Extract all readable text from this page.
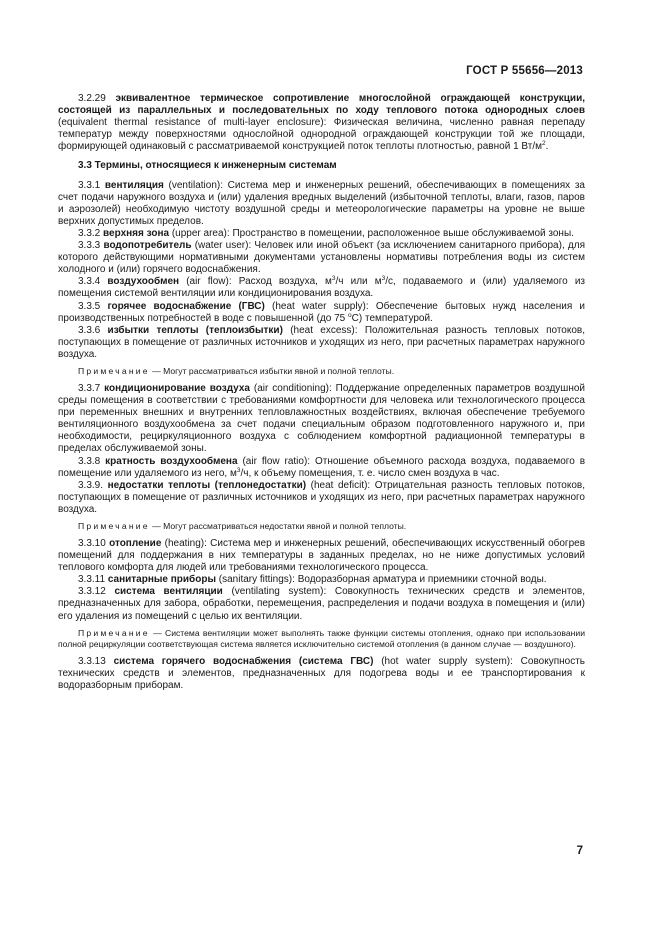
ГОСТ Р 55656—2013

3.2.29 эквивалентное термическое сопротивление многослойной ограждающей конструкции, состоящей из параллельных и последовательных по ходу теплового потока однородных слоев (equivalent thermal resistance of multi-layer enclosure): Физическая величина, численно равная перепаду температур между поверхностями однослойной однородной ограждающей конструкции той же площади, формирующей одинаковый с рассматриваемой конструкцией поток теплоты плотностью, равной 1 $Вт/м^2$.

3.3 Термины, относящиеся к инженерным системам

3.3.1 вентиляция (ventilation): Система мер и инженерных решений, обеспечивающих в помещениях за счет подачи наружного воздуха и (или) удаления вредных выделений (избыточной теплоты, влаги, газов, паров и аэрозолей) необходимую чистоту воздушной среды и метеорологические параметры на уровне не выше верхних допустимых пределов.

3.3.2 верхняя зона (upper area): Пространство в помещении, расположенное выше обслуживаемой зоны.

3.3.3 водопотребитель (water user): Человек или иной объект (за исключением санитарного прибора), для которого действующими нормативными документами установлены нормативы потребления воды из систем холодного и (или) горячего водоснабжения.

3.3.4 воздухообмен (air flow): Расход воздуха, $м^3/ч$ или $м^3/с$, подаваемого и (или) удаляемого из помещения системой вентиляции или кондиционирования воздуха.

3.3.5 горячее водоснабжение (ГВС) (heat water supply): Обеспечение бытовых нужд населения и производственных потребностей в воде с повышенной (до 75 $^о$С) температурой.

3.3.6 избытки теплоты (теплоизбытки) (heat excess): Положительная разность тепловых потоков, поступающих в помещение от различных источников и уходящих из него, при расчетных параметрах наружного воздуха.

Примечание — Могут рассматриваться избытки явной и полной теплоты.

3.3.7 кондиционирование воздуха (air conditioning): Поддержание определенных параметров воздушной среды помещения в соответствии с требованиями комфортности для человека или технологического процесса при переменных внешних и внутренних тепловлажностных воздействиях, включая обеспечение требуемого вентиляционного воздухообмена за счет подачи специальным образом подготовленного наружного и, при необходимости, рециркуляционного воздуха с соблюдением комфортной радиационной температуры в пределах обслуживаемой зоны.

3.3.8 кратность воздухообмена (air flow ratio): Отношение объемного расхода воздуха, подаваемого в помещение или удаляемого из него, $м^3/ч$, к объему помещения, т. е. число смен воздуха в час.

3.3.9. недостатки теплоты (теплонедостатки) (heat deficit): Отрицательная разность тепловых потоков, поступающих в помещение от различных источников и уходящих из него, при расчетных параметрах наружного воздуха.

Примечание — Могут рассматриваться недостатки явной и полной теплоты.

3.3.10 отопление (heating): Система мер и инженерных решений, обеспечивающих искусственный обогрев помещений для поддержания в них температуры в заданных пределах, но не ниже допустимых условий теплового комфорта для людей или требованиями технологического процесса.

3.3.11 санитарные приборы (sanitary fittings): Водоразборная арматура и приемники сточной воды.

3.3.12 система вентиляции (ventilating system): Совокупность технических средств и элементов, предназначенных для забора, обработки, перемещения, распределения и подачи воздуха в помещения и (или) его удаления из помещений с целью их вентиляции.

Примечание — Система вентиляции может выполнять также функции системы отопления, однако при использовании полной рециркуляции соответствующая система является исключительно системой отопления (в данном случае — воздушного).

3.3.13 система горячего водоснабжения (система ГВС) (hot water supply system): Совокупность технических средств и элементов, предназначенных для подогрева воды и ее транспортирования к водоразборным приборам.

7
